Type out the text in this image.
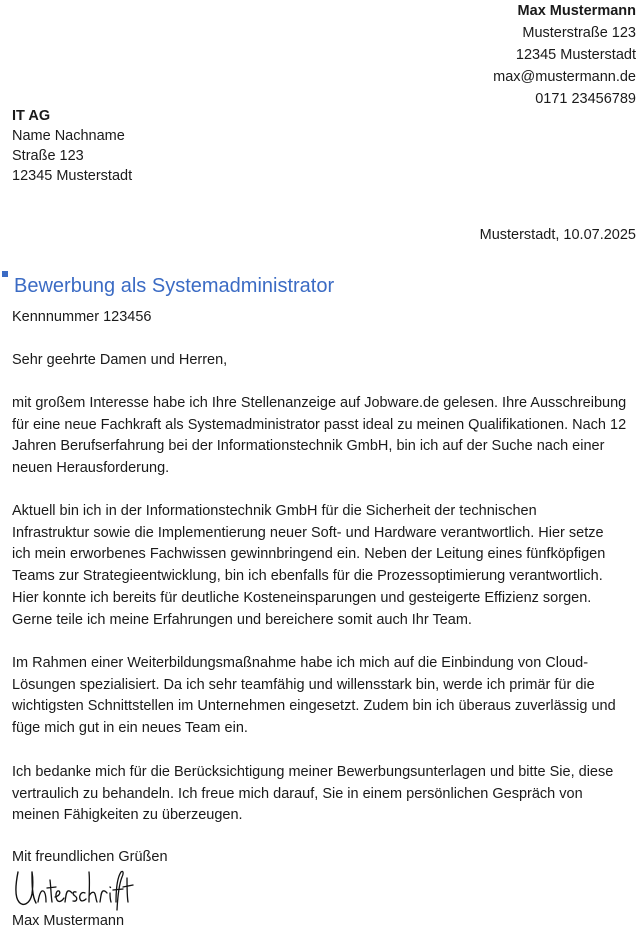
Max Mustermann
Musterstraße 123
12345 Musterstadt
max@mustermann.de
0171 23456789
IT AG
Name Nachname
Straße 123
12345 Musterstadt
Musterstadt, 10.07.2025
Bewerbung als Systemadministrator
Kennnummer 123456
Sehr geehrte Damen und Herren,
mit großem Interesse habe ich Ihre Stellenanzeige auf Jobware.de gelesen. Ihre Ausschreibung
für eine neue Fachkraft als Systemadministrator passt ideal zu meinen Qualifikationen. Nach 12
Jahren Berufserfahrung bei der Informationstechnik GmbH, bin ich auf der Suche nach einer
neuen Herausforderung.
Aktuell bin ich in der Informationstechnik GmbH für die Sicherheit der technischen
Infrastruktur sowie die Implementierung neuer Soft- und Hardware verantwortlich. Hier setze
ich mein erworbenes Fachwissen gewinnbringend ein. Neben der Leitung eines fünfköpfigen
Teams zur Strategieentwicklung, bin ich ebenfalls für die Prozessoptimierung verantwortlich.
Hier konnte ich bereits für deutliche Kosteneinsparungen und gesteigerte Effizienz sorgen.
Gerne teile ich meine Erfahrungen und bereichere somit auch Ihr Team.
Im Rahmen einer Weiterbildungsmaßnahme habe ich mich auf die Einbindung von Cloud-
Lösungen spezialisiert. Da ich sehr teamfähig und willensstark bin, werde ich primär für die
wichtigsten Schnittstellen im Unternehmen eingesetzt. Zudem bin ich überaus zuverlässig und
füge mich gut in ein neues Team ein.
Ich bedanke mich für die Berücksichtigung meiner Bewerbungsunterlagen und bitte Sie, diese
vertraulich zu behandeln. Ich freue mich darauf, Sie in einem persönlichen Gespräch von
meinen Fähigkeiten zu überzeugen.
Mit freundlichen Grüßen
Max Mustermann
